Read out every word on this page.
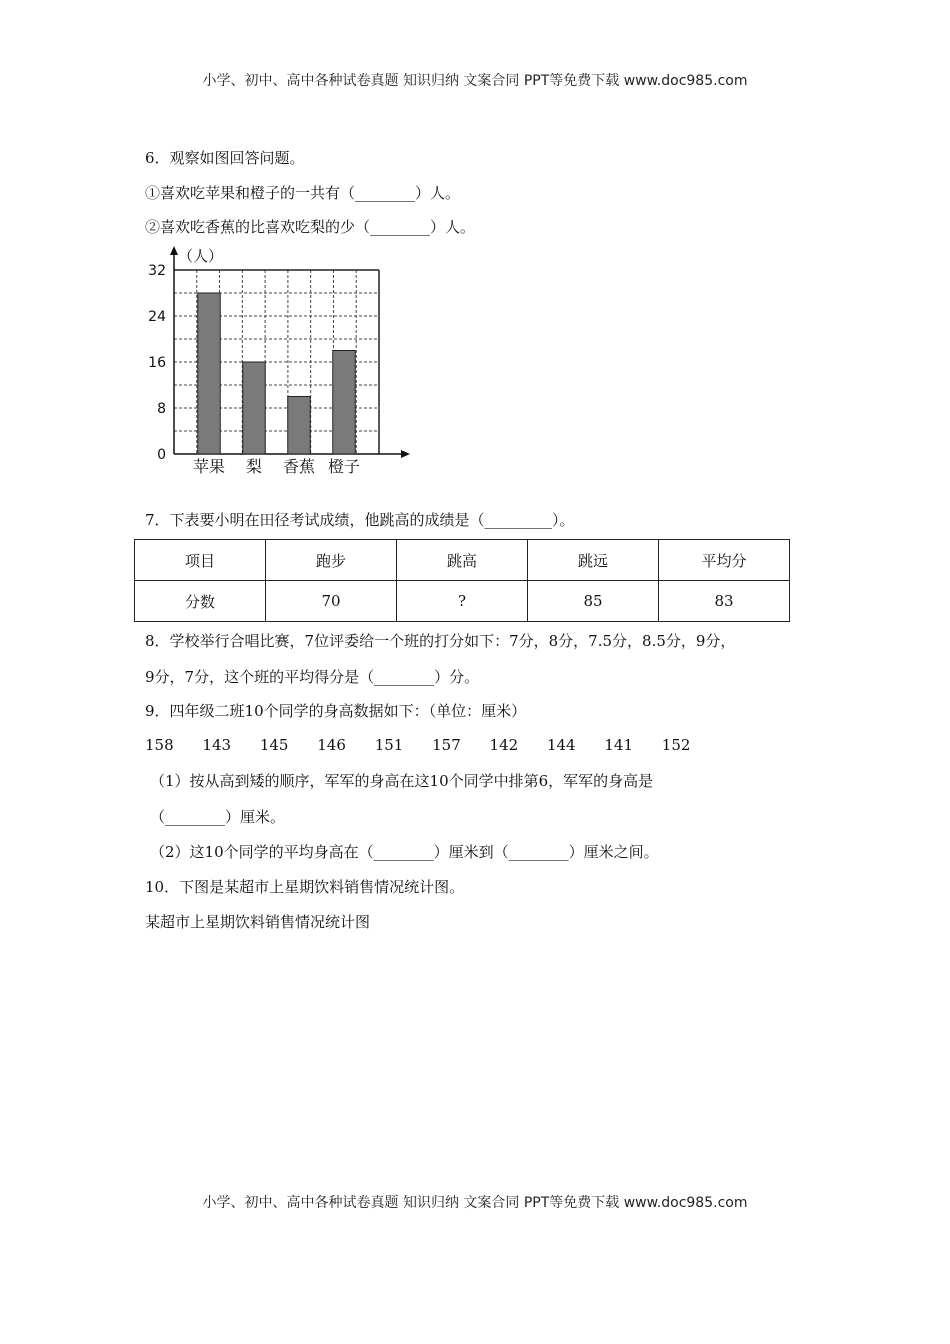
小学、初中、高中各种试卷真题 知识归纳 文案合同 PPT等免费下载 www.doc985.com
6．观察如图回答问题。
①喜欢吃苹果和橙子的一共有（________）人。
②喜欢吃香蕉的比喜欢吃梨的少（________）人。
（人）
0
8
16
24
32
苹果 梨 香蕉 橙子
7．下表要小明在田径考试成绩，他跳高的成绩是（_________）。
项目	跑步	跳高	跳远	平均分
分数	70	?	85	83
8．学校举行合唱比赛，7位评委给一个班的打分如下：7分，8分，7.5分，8.5分，9分，
9分，7分，这个班的平均得分是（________）分。
9．四年级二班10个同学的身高数据如下：（单位：厘米）
158 143 145 146 151 157 142 144 141 152
（1）按从高到矮的顺序，军军的身高在这10个同学中排第6，军军的身高是
（________）厘米。
（2）这10个同学的平均身高在（________）厘米到（________）厘米之间。
10．下图是某超市上星期饮料销售情况统计图。
某超市上星期饮料销售情况统计图
小学、初中、高中各种试卷真题 知识归纳 文案合同 PPT等免费下载 www.doc985.com
